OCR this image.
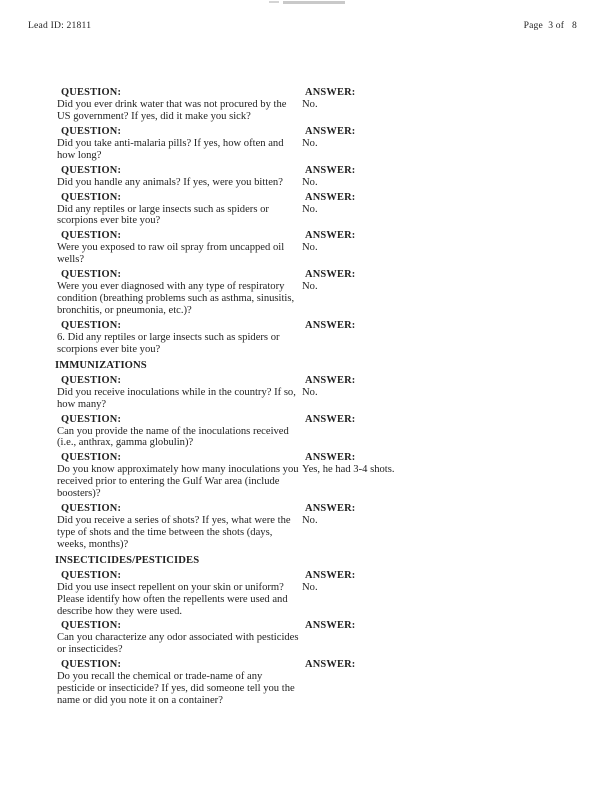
Lead ID: 21811	Page  3 of   8
QUESTION:
Did you ever drink water that was not procured by the
US government? If yes, did it make you sick?
ANSWER:
No.
QUESTION:
Did you take anti-malaria pills? If yes, how often and
how long?
ANSWER:
No.
QUESTION:
Did you handle any animals? If yes, were you bitten?
ANSWER:
No.
QUESTION:
Did any reptiles or large insects such as spiders or
scorpions ever bite you?
ANSWER:
No.
QUESTION:
Were you exposed to raw oil spray from uncapped oil
wells?
ANSWER:
No.
QUESTION:
Were you ever diagnosed with any type of respiratory
condition (breathing problems such as asthma, sinusitis,
bronchitis, or pneumonia, etc.)?
ANSWER:
No.
QUESTION:
6. Did any reptiles or large insects such as spiders or
scorpions ever bite you?
ANSWER:
IMMUNIZATIONS
QUESTION:
Did you receive inoculations while in the country? If so,
how many?
ANSWER:
No.
QUESTION:
Can you provide the name of the inoculations received
(i.e., anthrax, gamma globulin)?
ANSWER:
QUESTION:
Do you know approximately how many inoculations you
received prior to entering the Gulf War area (include
boosters)?
ANSWER:
Yes, he had 3-4 shots.
QUESTION:
Did you receive a series of shots? If yes, what were the
type of shots and the time between the shots (days,
weeks, months)?
ANSWER:
No.
INSECTICIDES/PESTICIDES
QUESTION:
Did you use insect repellent on your skin or uniform?
Please identify how often the repellents were used and
describe how they were used.
ANSWER:
No.
QUESTION:
Can you characterize any odor associated with pesticides
or insecticides?
ANSWER:
QUESTION:
Do you recall the chemical or trade-name of any
pesticide or insecticide? If yes, did someone tell you the
name or did you note it on a container?
ANSWER:
